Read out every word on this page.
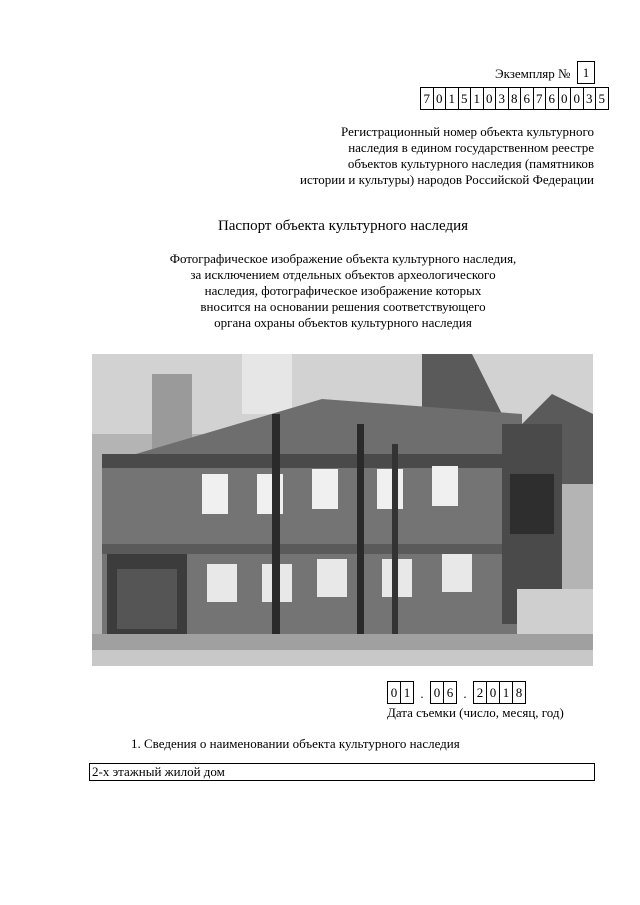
Экземпляр № 1
7 0 1 5 1 0 3 8 6 7 6 0 0 3 5
Регистрационный номер объекта культурного
наследия в едином государственном реестре
объектов культурного наследия (памятников
истории и культуры) народов Российской Федерации
Паспорт объекта культурного наследия
Фотографическое изображение объекта культурного наследия,
за исключением отдельных объектов археологического
наследия, фотографическое изображение которых
вносится на основании решения соответствующего
органа охраны объектов культурного наследия
0 1 . 0 6 . 2 0 1 8
Дата съемки (число, месяц, год)
1. Сведения о наименовании объекта культурного наследия
2-х этажный жилой дом
